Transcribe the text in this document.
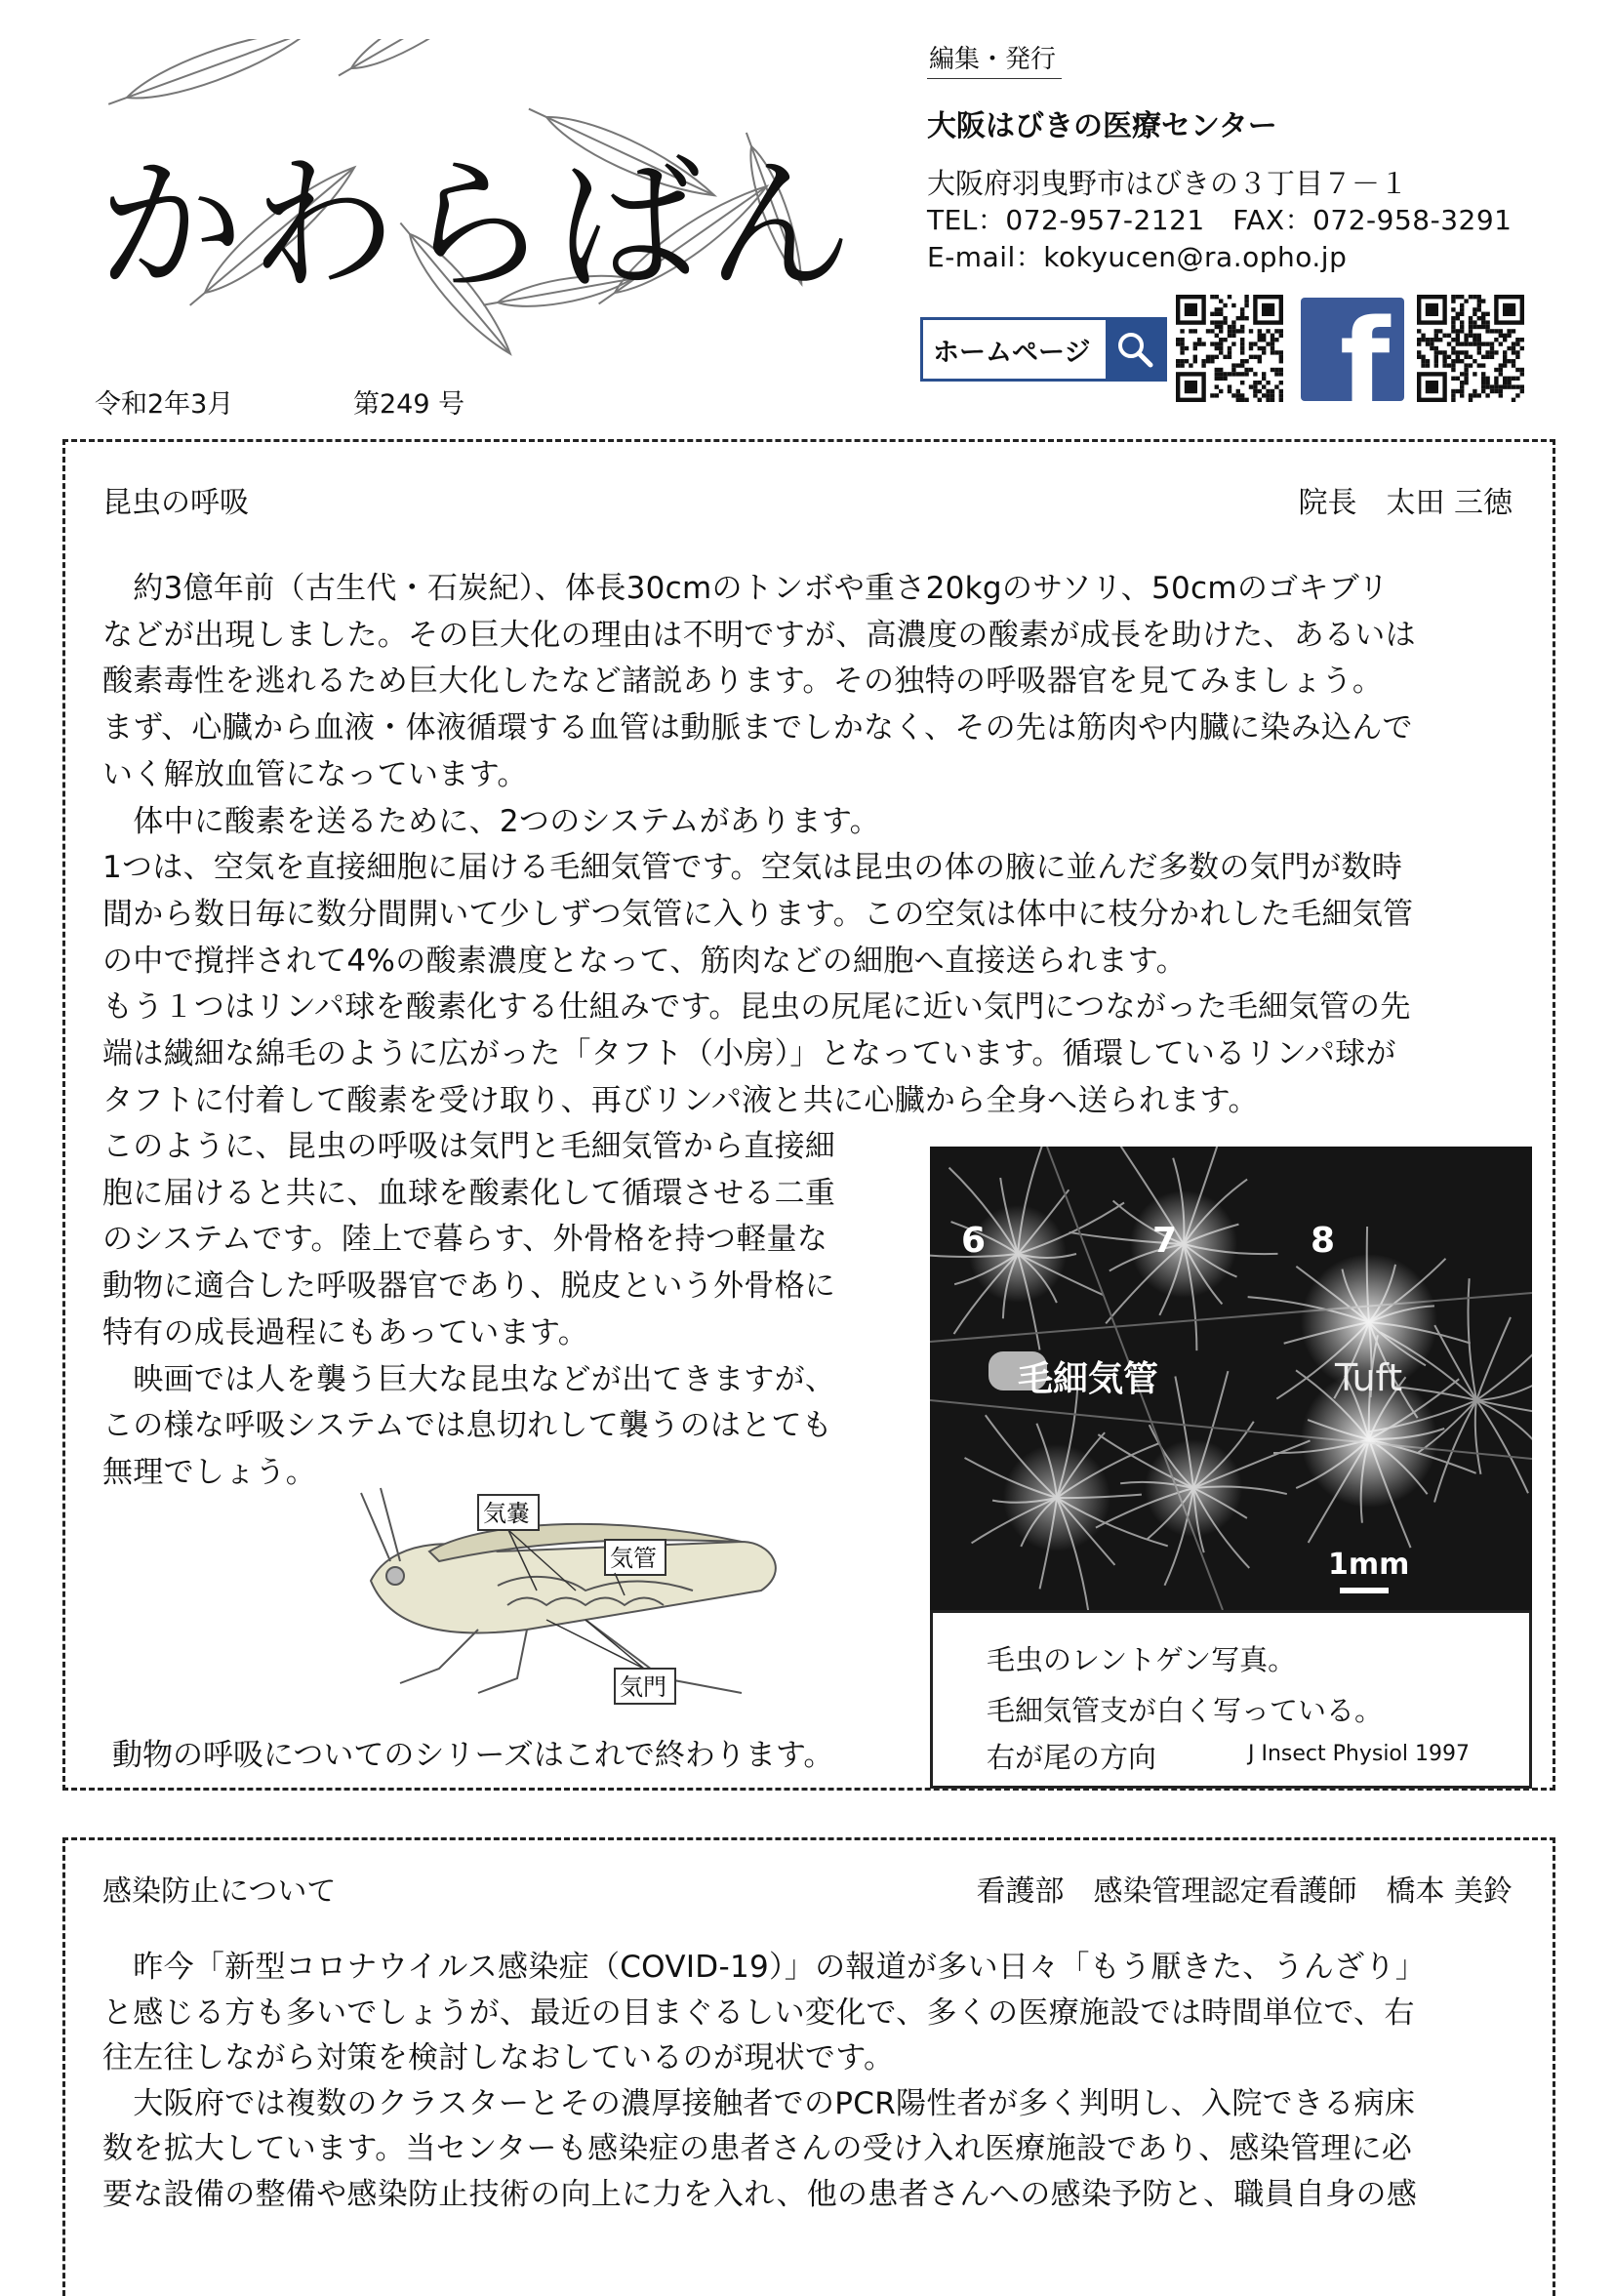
かわらばん
令和2年3月	第249 号
編集・発行
大阪はびきの医療センター
大阪府羽曳野市はびきの３丁目７－１
TEL：072-957-2121　FAX：072-958-3291
E-mail：kokyucen@ra.opho.jp
ホームページ f
昆虫の呼吸	院長　太田 三徳

　約3億年前（古生代・石炭紀）、体長30cmのトンボや重さ20kgのサソリ、50cmのゴキブリ

などが出現しました。その巨大化の理由は不明ですが、高濃度の酸素が成長を助けた、あるいは

酸素毒性を逃れるため巨大化したなど諸説あります。その独特の呼吸器官を見てみましょう。

まず、心臓から血液・体液循環する血管は動脈までしかなく、その先は筋肉や内臓に染み込んで

いく解放血管になっています。

　体中に酸素を送るために、2つのシステムがあります。

1つは、空気を直接細胞に届ける毛細気管です。空気は昆虫の体の腋に並んだ多数の気門が数時

間から数日毎に数分間開いて少しずつ気管に入ります。この空気は体中に枝分かれした毛細気管

の中で撹拌されて4%の酸素濃度となって、筋肉などの細胞へ直接送られます。

もう１つはリンパ球を酸素化する仕組みです。昆虫の尻尾に近い気門につながった毛細気管の先

端は繊細な綿毛のように広がった「タフト（小房）」となっています。循環しているリンパ球が

タフトに付着して酸素を受け取り、再びリンパ液と共に心臓から全身へ送られます。

このように、昆虫の呼吸は気門と毛細気管から直接細

胞に届けると共に、血球を酸素化して循環させる二重

のシステムです。陸上で暮らす、外骨格を持つ軽量な

動物に適合した呼吸器官であり、脱皮という外骨格に

特有の成長過程にもあっています。

　映画では人を襲う巨大な昆虫などが出てきますが、

この様な呼吸システムでは息切れして襲うのはとても

無理でしょう。

気嚢
気管
気門
動物の呼吸についてのシリーズはこれで終わります。
6	7	8
毛細気管	Tuft
1mm
毛虫のレントゲン写真。
毛細気管支が白く写っている。
右が尾の方向	J Insect Physiol 1997
感染防止について	看護部　感染管理認定看護師　橋本 美鈴

　昨今「新型コロナウイルス感染症（COVID-19）」の報道が多い日々「もう厭きた、うんざり」

と感じる方も多いでしょうが、最近の目まぐるしい変化で、多くの医療施設では時間単位で、右

往左往しながら対策を検討しなおしているのが現状です。

　大阪府では複数のクラスターとその濃厚接触者でのPCR陽性者が多く判明し、入院できる病床

数を拡大しています。当センターも感染症の患者さんの受け入れ医療施設であり、感染管理に必

要な設備の整備や感染防止技術の向上に力を入れ、他の患者さんへの感染予防と、職員自身の感
